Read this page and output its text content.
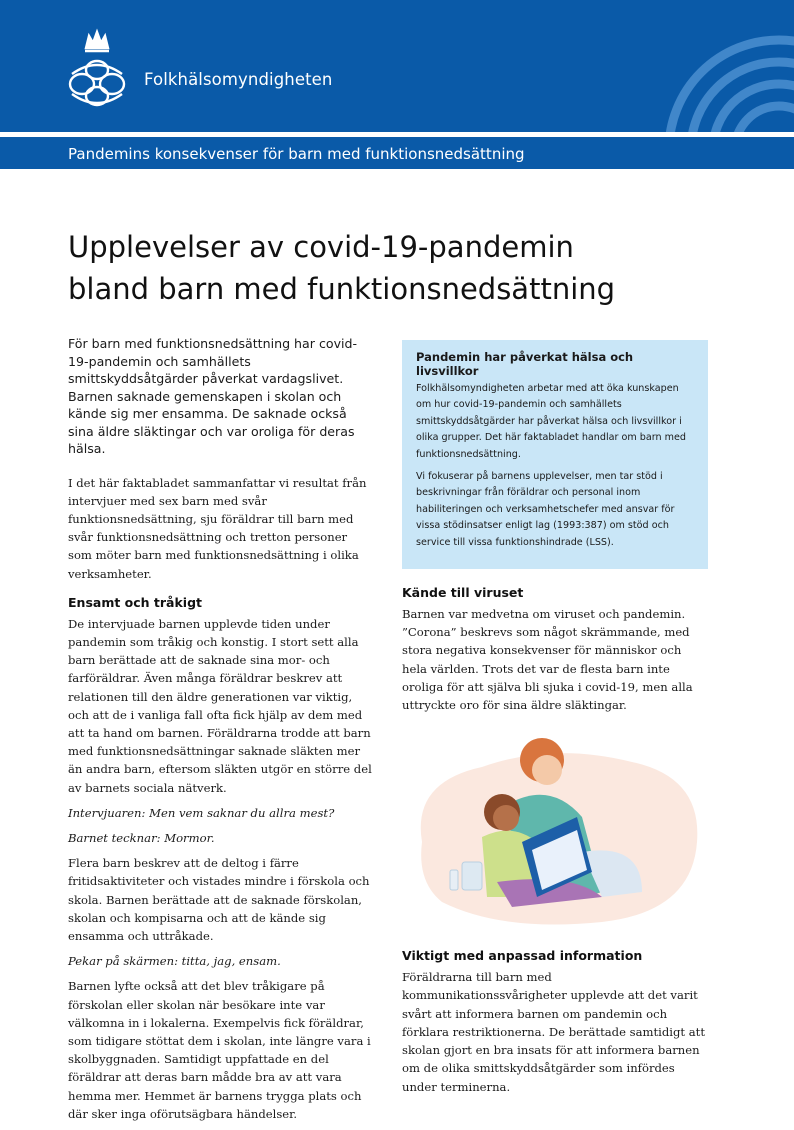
Folkhälsomyndigheten
Pandemins konsekvenser för barn med funktionsnedsättning
Upplevelser av covid-19-pandemin
bland barn med funktionsnedsättning

För barn med funktionsnedsättning har covid-19-pandemin och samhällets smittskyddsåtgärder påverkat vardagslivet. Barnen saknade gemenskapen i skolan och kände sig mer ensamma. De saknade också sina äldre släktingar och var oroliga för deras hälsa.

I det här faktabladet sammanfattar vi resultat från intervjuer med sex barn med svår funktionsnedsättning, sju föräldrar till barn med svår funktionsnedsättning och tretton personer som möter barn med funktionsnedsättning i olika verksamheter.

Ensamt och tråkigt

De intervjuade barnen upplevde tiden under pandemin som tråkig och konstig. I stort sett alla barn berättade att de saknade sina mor- och farföräldrar. Även många föräldrar beskrev att relationen till den äldre generationen var viktig, och att de i vanliga fall ofta fick hjälp av dem med att ta hand om barnen. Föräldrarna trodde att barn med funktionsnedsättningar saknade släkten mer än andra barn, eftersom släkten utgör en större del av barnets sociala nätverk.

Intervjuaren: Men vem saknar du allra mest?

Barnet tecknar: Mormor.

Flera barn beskrev att de deltog i färre fritidsaktiviteter och vistades mindre i förskola och skola. Barnen berättade att de saknade förskolan, skolan och kompisarna och att de kände sig ensamma och uttråkade.

Pekar på skärmen: titta, jag, ensam.

Barnen lyfte också att det blev tråkigare på förskolan eller skolan när besökare inte var välkomna in i lokalerna. Exempelvis fick föräldrar, som tidigare stöttat dem i skolan, inte längre vara i skolbyggnaden. Samtidigt uppfattade en del föräldrar att deras barn mådde bra av att vara hemma mer. Hemmet är barnens trygga plats och där sker inga oförutsägbara händelser.

Pandemin har påverkat hälsa och livsvillkor

Folkhälsomyndigheten arbetar med att öka kunskapen om hur covid-19-pandemin och samhällets smittskyddsåtgärder har påverkat hälsa och livsvillkor i olika grupper. Det här faktabladet handlar om barn med funktionsnedsättning.

Vi fokuserar på barnens upplevelser, men tar stöd i beskrivningar från föräldrar och personal inom habiliteringen och verksamhetschefer med ansvar för vissa stödinsatser enligt lag (1993:387) om stöd och service till vissa funktionshindrade (LSS).

Kände till viruset

Barnen var medvetna om viruset och pandemin. ”Corona” beskrevs som något skrämmande, med stora negativa konsekvenser för människor och hela världen. Trots det var de flesta barn inte oroliga för att själva bli sjuka i covid-19, men alla uttryckte oro för sina äldre släktingar.

Viktigt med anpassad information

Föräldrarna till barn med kommunikationssvårigheter upplevde att det varit svårt att informera barnen om pandemin och förklara restriktionerna. De berättade samtidigt att skolan gjort en bra insats för att informera barnen om de olika smittskyddsåtgärder som infördes under terminerna.
